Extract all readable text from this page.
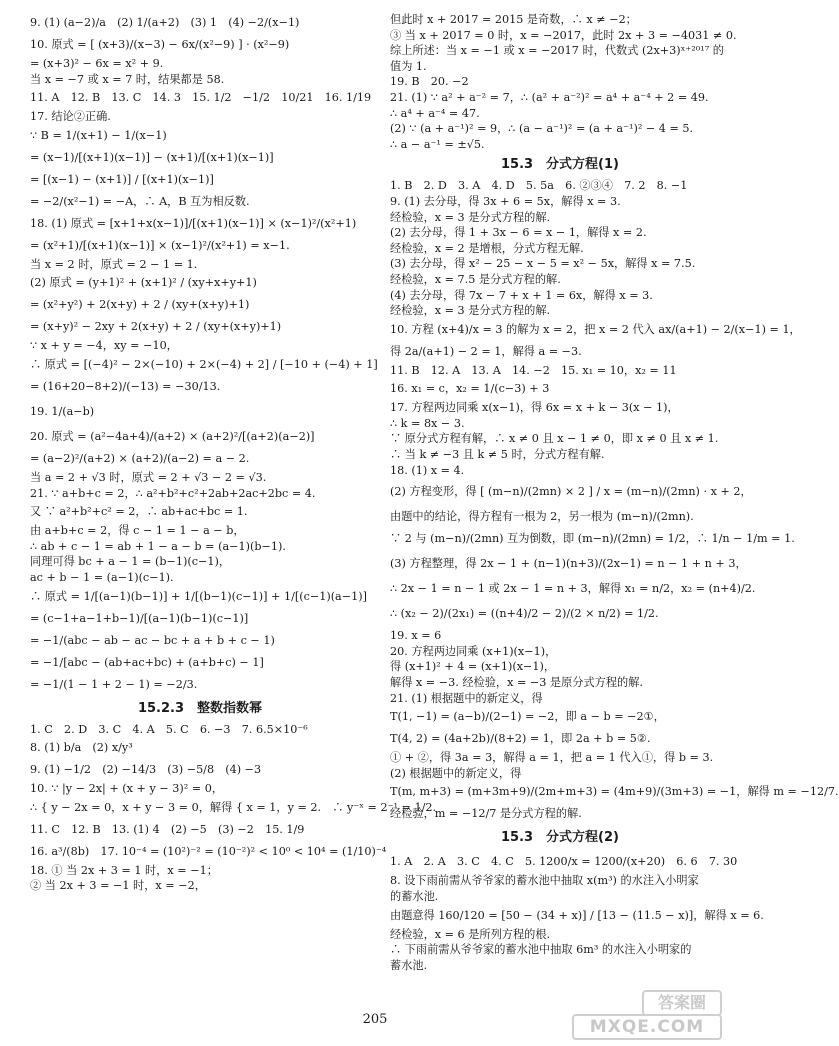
9. (1) (a−2)/a　(2) 1/(a+2)　(3) 1　(4) −2/(x−1)
10. 原式 = [ (x+3)/(x−3) − 6x/(x²−9) ] · (x²−9)
= (x+3)² − 6x = x² + 9.
当 x = −7 或 x = 7 时，结果都是 58.
11. A　12. B　13. C　14. 3　15. 1/2　−1/2　10/21　16. 1/19
17. 结论②正确.
∵ B = 1/(x+1) − 1/(x−1)
= (x−1)/[(x+1)(x−1)] − (x+1)/[(x+1)(x−1)]
= [(x−1) − (x+1)] / [(x+1)(x−1)]
= −2/(x²−1) = −A，∴ A，B 互为相反数.
18. (1) 原式 = [x+1+x(x−1)]/[(x+1)(x−1)] × (x−1)²/(x²+1)
= (x²+1)/[(x+1)(x−1)] × (x−1)²/(x²+1) = x−1.
当 x = 2 时，原式 = 2 − 1 = 1.
(2) 原式 = (y+1)² + (x+1)² / (xy+x+y+1)
= (x²+y²) + 2(x+y) + 2 / (xy+(x+y)+1)
= (x+y)² − 2xy + 2(x+y) + 2 / (xy+(x+y)+1)
∵ x + y = −4，xy = −10，
∴ 原式 = [(−4)² − 2×(−10) + 2×(−4) + 2] / [−10 + (−4) + 1]
= (16+20−8+2)/(−13) = −30/13.
19. 1/(a−b)
20. 原式 = (a²−4a+4)/(a+2) × (a+2)²/[(a+2)(a−2)]
= (a−2)²/(a+2) × (a+2)/(a−2) = a − 2.
当 a = 2 + √3 时，原式 = 2 + √3 − 2 = √3.
21. ∵ a+b+c = 2，∴ a²+b²+c²+2ab+2ac+2bc = 4.
又 ∵ a²+b²+c² = 2，∴ ab+ac+bc = 1.
由 a+b+c = 2，得 c − 1 = 1 − a − b，
∴ ab + c − 1 = ab + 1 − a − b = (a−1)(b−1).
同理可得 bc + a − 1 = (b−1)(c−1)，
ac + b − 1 = (a−1)(c−1).
∴ 原式 = 1/[(a−1)(b−1)] + 1/[(b−1)(c−1)] + 1/[(c−1)(a−1)]
= (c−1+a−1+b−1)/[(a−1)(b−1)(c−1)]
= −1/(abc − ab − ac − bc + a + b + c − 1)
= −1/[abc − (ab+ac+bc) + (a+b+c) − 1]
= −1/(1 − 1 + 2 − 1) = −2/3.
15.2.3　整数指数幂
1. C　2. D　3. C　4. A　5. C　6. −3　7. 6.5×10⁻⁶
8. (1) b/a　(2) x/y³
9. (1) −1/2　(2) −14/3　(3) −5/8　(4) −3
10. ∵ |y − 2x| + (x + y − 3)² = 0，
∴ { y − 2x = 0，x + y − 3 = 0，解得 { x = 1，y = 2.　∴ y⁻ˣ = 2⁻¹ = 1/2.
11. C　12. B　13. (1) 4　(2) −5　(3) −2　15. 1/9
16. a³/(8b)　17. 10⁻⁴ = (10²)⁻² = (10⁻²)² < 10⁰ < 10⁴ = (1/10)⁻⁴
18. ① 当 2x + 3 = 1 时，x = −1；
② 当 2x + 3 = −1 时，x = −2，
但此时 x + 2017 = 2015 是奇数，∴ x ≠ −2；
③ 当 x + 2017 = 0 时，x = −2017，此时 2x + 3 = −4031 ≠ 0.
综上所述：当 x = −1 或 x = −2017 时，代数式 (2x+3)ˣ⁺²⁰¹⁷ 的
值为 1.
19. B　20. −2
21. (1) ∵ a² + a⁻² = 7，∴ (a² + a⁻²)² = a⁴ + a⁻⁴ + 2 = 49.
∴ a⁴ + a⁻⁴ = 47.
(2) ∵ (a + a⁻¹)² = 9，∴ (a − a⁻¹)² = (a + a⁻¹)² − 4 = 5.
∴ a − a⁻¹ = ±√5.
15.3　分式方程(1)
1. B　2. D　3. A　4. D　5. 5a　6. ②③④　7. 2　8. −1
9. (1) 去分母，得 3x + 6 = 5x，解得 x = 3.
经检验，x = 3 是分式方程的解.
(2) 去分母，得 1 + 3x − 6 = x − 1，解得 x = 2.
经检验，x = 2 是增根，分式方程无解.
(3) 去分母，得 x² − 25 − x − 5 = x² − 5x，解得 x = 7.5.
经检验，x = 7.5 是分式方程的解.
(4) 去分母，得 7x − 7 + x + 1 = 6x，解得 x = 3.
经检验，x = 3 是分式方程的解.
10. 方程 (x+4)/x = 3 的解为 x = 2，把 x = 2 代入 ax/(a+1) − 2/(x−1) = 1，
得 2a/(a+1) − 2 = 1，解得 a = −3.
11. B　12. A　13. A　14. −2　15. x₁ = 10，x₂ = 11
16. x₁ = c，x₂ = 1/(c−3) + 3
17. 方程两边同乘 x(x−1)，得 6x = x + k − 3(x − 1)，
∴ k = 8x − 3.
∵ 原分式方程有解，∴ x ≠ 0 且 x − 1 ≠ 0，即 x ≠ 0 且 x ≠ 1.
∴ 当 k ≠ −3 且 k ≠ 5 时，分式方程有解.
18. (1) x = 4.
(2) 方程变形，得 [ (m−n)/(2mn) × 2 ] / x = (m−n)/(2mn) · x + 2，
由题中的结论，得方程有一根为 2，另一根为 (m−n)/(2mn).
∵ 2 与 (m−n)/(2mn) 互为倒数，即 (m−n)/(2mn) = 1/2，∴ 1/n − 1/m = 1.
(3) 方程整理，得 2x − 1 + (n−1)(n+3)/(2x−1) = n − 1 + n + 3，
∴ 2x − 1 = n − 1 或 2x − 1 = n + 3，解得 x₁ = n/2，x₂ = (n+4)/2.
∴ (x₂ − 2)/(2x₁) = ((n+4)/2 − 2)/(2 × n/2) = 1/2.
19. x = 6
20. 方程两边同乘 (x+1)(x−1)，
得 (x+1)² + 4 = (x+1)(x−1)，
解得 x = −3. 经检验，x = −3 是原分式方程的解.
21. (1) 根据题中的新定义，得
T(1, −1) = (a−b)/(2−1) = −2，即 a − b = −2①，
T(4, 2) = (4a+2b)/(8+2) = 1，即 2a + b = 5②.
① + ②，得 3a = 3，解得 a = 1，把 a = 1 代入①，得 b = 3.
(2) 根据题中的新定义，得
T(m, m+3) = (m+3m+9)/(2m+m+3) = (4m+9)/(3m+3) = −1，解得 m = −12/7.
经检验，m = −12/7 是分式方程的解.
15.3　分式方程(2)
1. A　2. A　3. C　4. C　5. 1200/x = 1200/(x+20)　6. 6　7. 30
8. 设下雨前需从爷爷家的蓄水池中抽取 x(m³) 的水注入小明家
的蓄水池.
由题意得 160/120 = [50 − (34 + x)] / [13 − (11.5 − x)]，解得 x = 6.
经检验，x = 6 是所列方程的根.
∴ 下雨前需从爷爷家的蓄水池中抽取 6m³ 的水注入小明家的
蓄水池.
205
答案圈
MXQE.COM
